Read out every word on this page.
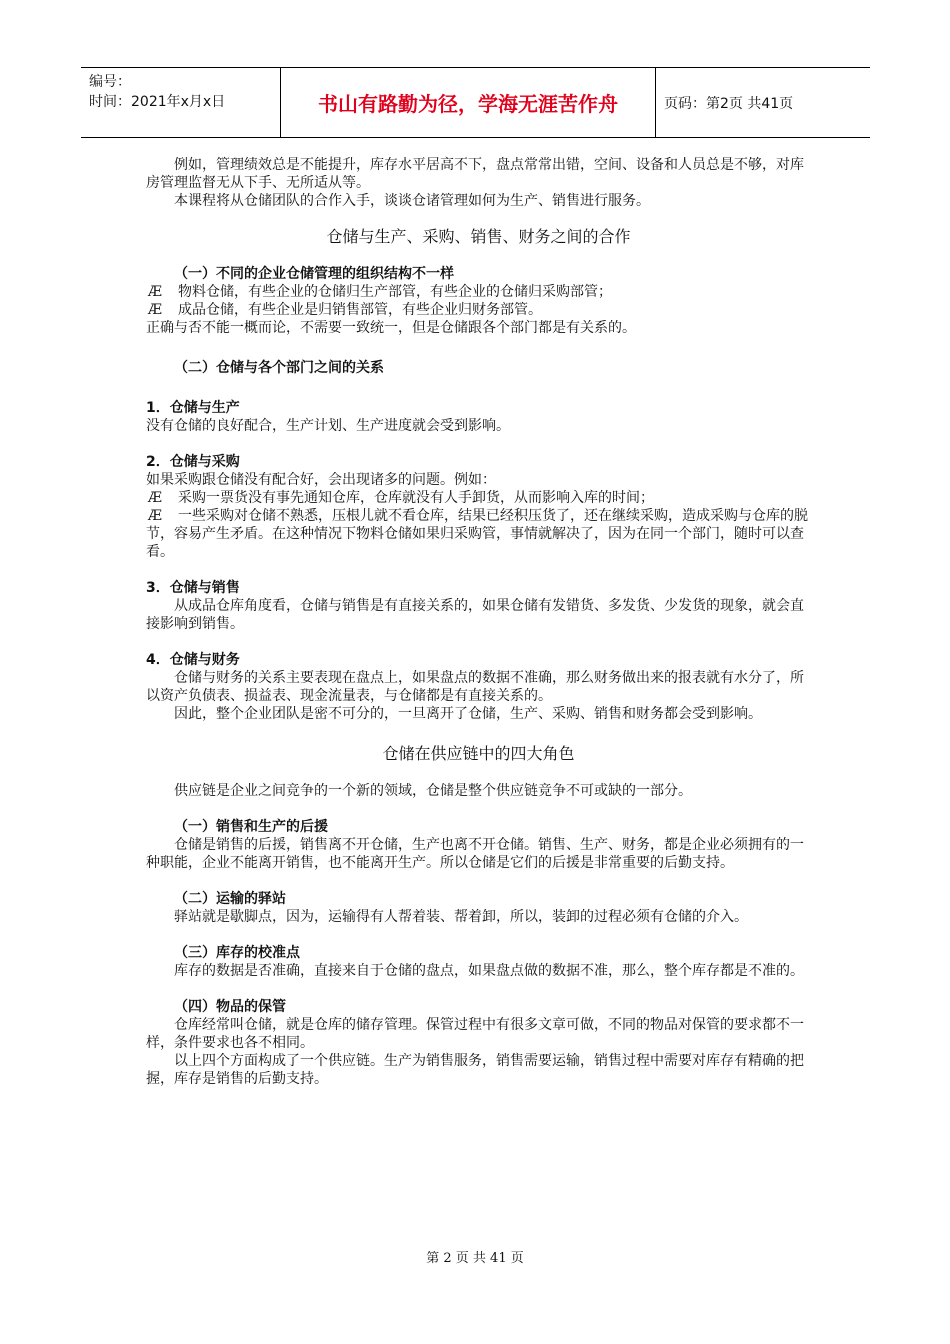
编号：
时间：2021年x月x日	书山有路勤为径，学海无涯苦作舟	页码：第2页 共41页

例如，管理绩效总是不能提升，库存水平居高不下，盘点常常出错，空间、设备和人员总是不够，对库房管理监督无从下手、无所适从等。

本课程将从仓储团队的合作入手，谈谈仓诸管理如何为生产、销售进行服务。

仓储与生产、采购、销售、财务之间的合作

（一）不同的企业仓储管理的组织结构不一样

Æ	物料仓储，有些企业的仓储归生产部管，有些企业的仓储归采购部管；
Æ	成品仓储，有些企业是归销售部管，有些企业归财务部管。

正确与否不能一概而论，不需要一致统一，但是仓储跟各个部门都是有关系的。

（二）仓储与各个部门之间的关系

1．仓储与生产

没有仓储的良好配合，生产计划、生产进度就会受到影响。

2．仓储与采购

如果采购跟仓储没有配合好，会出现诸多的问题。例如：

Æ	采购一票货没有事先通知仓库，仓库就没有人手卸货，从而影响入库的时间；

Æ 一些采购对仓储不熟悉，压根儿就不看仓库，结果已经积压货了，还在继续采购，造成采购与仓库的脱节，容易产生矛盾。在这种情况下物料仓储如果归采购管，事情就解决了，因为在同一个部门，随时可以查看。

3．仓储与销售

从成品仓库角度看，仓储与销售是有直接关系的，如果仓储有发错货、多发货、少发货的现象，就会直接影响到销售。

4．仓储与财务

仓储与财务的关系主要表现在盘点上，如果盘点的数据不准确，那么财务做出来的报表就有水分了，所以资产负债表、损益表、现金流量表，与仓储都是有直接关系的。

因此，整个企业团队是密不可分的，一旦离开了仓储，生产、采购、销售和财务都会受到影响。

仓储在供应链中的四大角色

供应链是企业之间竞争的一个新的领域，仓储是整个供应链竞争不可或缺的一部分。

（一）销售和生产的后援

仓储是销售的后援，销售离不开仓储，生产也离不开仓储。销售、生产、财务，都是企业必须拥有的一种职能，企业不能离开销售，也不能离开生产。所以仓储是它们的后援是非常重要的后勤支持。

（二）运输的驿站

驿站就是歇脚点，因为，运输得有人帮着装、帮着卸，所以，装卸的过程必须有仓储的介入。

（三）库存的校准点

库存的数据是否准确，直接来自于仓储的盘点，如果盘点做的数据不准，那么，整个库存都是不准的。

（四）物品的保管

仓库经常叫仓储，就是仓库的储存管理。保管过程中有很多文章可做，不同的物品对保管的要求都不一样，条件要求也各不相同。

以上四个方面构成了一个供应链。生产为销售服务，销售需要运输，销售过程中需要对库存有精确的把握，库存是销售的后勤支持。

第 2 页 共 41 页
